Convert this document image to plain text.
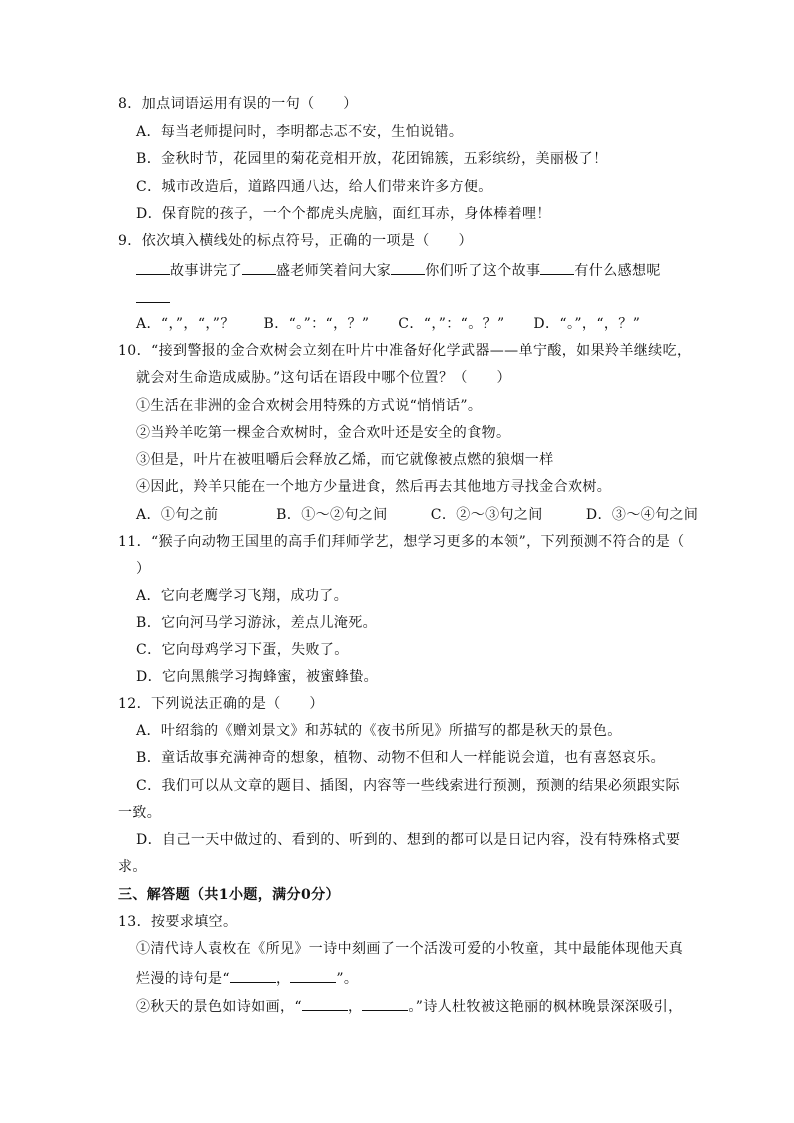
8．加点词语运用有误的一句（　　）
A．每当老师提问时，李明都忐忑不安，生怕说错。
B．金秋时节，花园里的菊花竞相开放，花团锦簇，五彩缤纷，美丽极了！
C．城市改造后，道路四通八达，给人们带来许多方便。
D．保育院的孩子，一个个都虎头虎脑，面红耳赤，身体棒着哩！
9．依次填入横线处的标点符号，正确的一项是（　　）
故事讲完了 盛老师笑着问大家 你们听了这个故事 有什么感想呢
A．“，”，“，”？　　B．“。”：“，？”　　C．“，”：“。？”　　D．“。”，“，？”
10．“接到警报的金合欢树会立刻在叶片中准备好化学武器——单宁酸，如果羚羊继续吃，
就会对生命造成威胁。”这句话在语段中哪个位置？（　　）
①生活在非洲的金合欢树会用特殊的方式说“悄悄话”。
②当羚羊吃第一棵金合欢树时，金合欢叶还是安全的食物。
③但是，叶片在被咀嚼后会释放乙烯，而它就像被点燃的狼烟一样
④因此，羚羊只能在一个地方少量进食，然后再去其他地方寻找金合欢树。
A．①句之前　　　　B．①～②句之间　　　C．②～③句之间　　　D．③～④句之间
11．“猴子向动物王国里的高手们拜师学艺，想学习更多的本领”，下列预测不符合的是（
）
A．它向老鹰学习飞翔，成功了。
B．它向河马学习游泳，差点儿淹死。
C．它向母鸡学习下蛋，失败了。
D．它向黑熊学习掏蜂蜜，被蜜蜂蛰。
12．下列说法正确的是（　　）
A．叶绍翁的《赠刘景文》和苏轼的《夜书所见》所描写的都是秋天的景色。
B．童话故事充满神奇的想象，植物、动物不但和人一样能说会道，也有喜怒哀乐。
C．我们可以从文章的题目、插图，内容等一些线索进行预测，预测的结果必须跟实际
一致。
D．自己一天中做过的、看到的、听到的、想到的都可以是日记内容，没有特殊格式要
求。
三、解答题（共1小题，满分0分）
13．按要求填空。
①清代诗人袁枚在《所见》一诗中刻画了一个活泼可爱的小牧童，其中最能体现他天真
烂漫的诗句是“	，	”。
②秋天的景色如诗如画，“	，	。”诗人杜牧被这艳丽的枫林晚景深深吸引，
